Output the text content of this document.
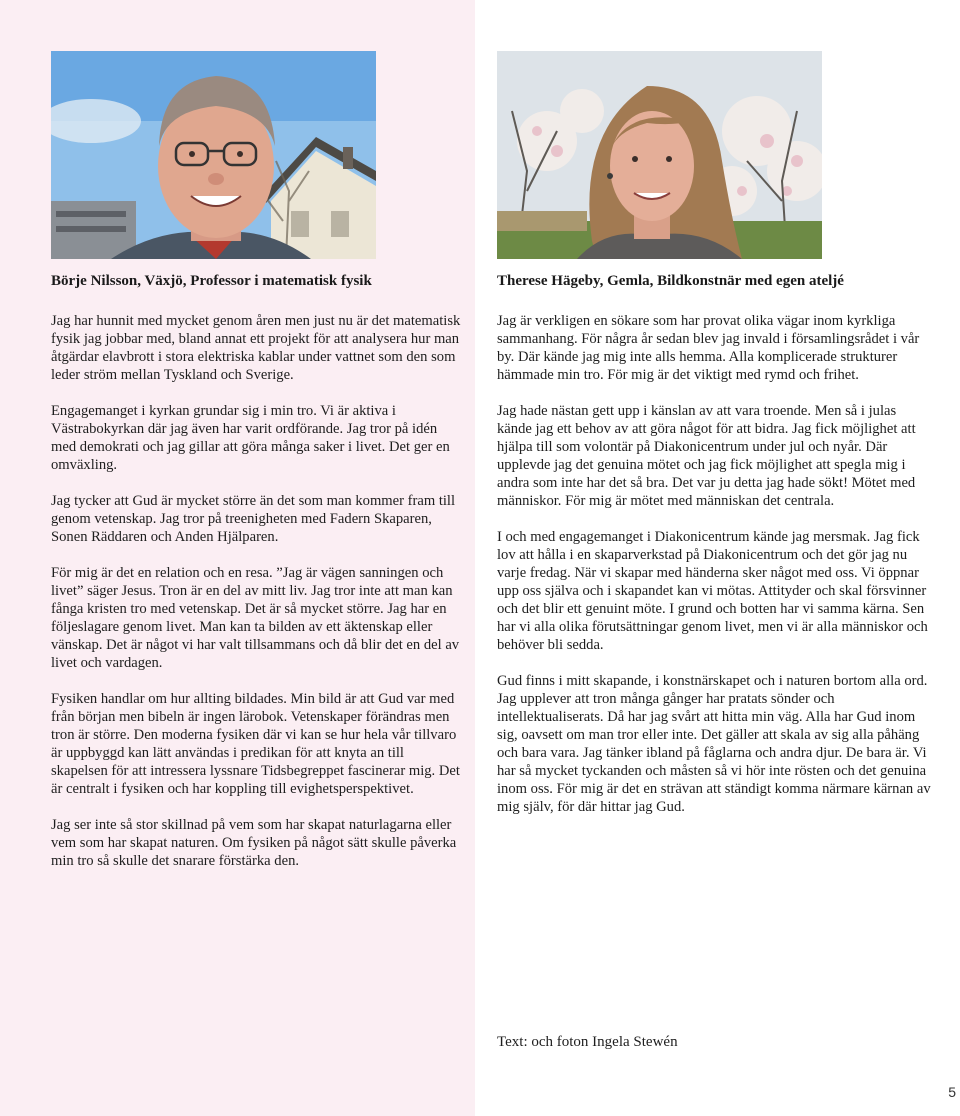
Börje Nilsson, Växjö, Professor i matematisk fysik

Jag har hunnit med mycket genom åren men just nu är det matematisk fysik jag jobbar med, bland annat ett projekt för att analysera hur man åtgärdar elavbrott i stora elektriska kablar under vattnet som den som leder ström mellan Tyskland och Sverige.

Engagemanget i kyrkan grundar sig i min tro. Vi är aktiva i Västrabokyrkan där jag även har varit ordförande. Jag tror på idén med demokrati och jag gillar att göra många saker i livet. Det ger en omväxling.

Jag tycker att Gud är mycket större än det som man kommer fram till genom vetenskap. Jag tror på treenigheten med Fadern Skaparen, Sonen Räddaren och Anden Hjälparen.

För mig är det en relation och en resa. ”Jag är vägen sanningen och livet” säger Jesus. Tron är en del av mitt liv. Jag tror inte att man kan fånga kristen tro med vetenskap. Det är så mycket större. Jag har en följeslagare genom livet. Man kan ta bilden av ett äktenskap eller vänskap. Det är något vi har valt tillsammans och då blir det en del av livet och vardagen.

Fysiken handlar om hur allting bildades. Min bild är att Gud var med från början men bibeln är ingen lärobok. Vetenskaper förändras men tron är större. Den moderna fysiken där vi kan se hur hela vår tillvaro är uppbyggd kan lätt användas i predikan för att knyta an till skapelsen för att intressera lyssnare Tidsbegreppet fascinerar mig. Det är centralt i fysiken och har koppling till evighetsperspektivet.

Jag ser inte så stor skillnad på vem som har skapat naturlagarna eller vem som har skapat naturen. Om fysiken på något sätt skulle påverka min tro så skulle det snarare förstärka den.

Therese Hägeby, Gemla, Bildkonstnär med egen ateljé

Jag är verkligen en sökare som har provat olika vägar inom kyrkliga sammanhang. För några år sedan blev jag invald i församlingsrådet i vår by. Där kände jag mig inte alls hemma. Alla komplicerade strukturer hämmade min tro. För mig är det viktigt med rymd och frihet.

Jag hade nästan gett upp i känslan av att vara troende. Men så i julas kände jag ett behov av att göra något för att bidra. Jag fick möjlighet att hjälpa till som volontär på Diakonicentrum under jul och nyår. Där upplevde jag det genuina mötet och jag fick möjlighet att spegla mig i andra som inte har det så bra. Det var ju detta jag hade sökt! Mötet med människor. För mig är mötet med människan det centrala.

I och med engagemanget i Diakonicentrum kände jag mersmak. Jag fick lov att hålla i en skaparverkstad på Diakonicentrum och det gör jag nu varje fredag. När vi skapar med händerna sker något med oss. Vi öppnar upp oss själva och i skapandet kan vi mötas. Attityder och skal försvinner och det blir ett genuint möte. I grund och botten har vi samma kärna. Sen har vi alla olika förutsättningar genom livet, men vi är alla människor och behöver bli sedda.

Gud finns i mitt skapande, i konstnärskapet och i naturen bortom alla ord. Jag upplever att tron många gånger har pratats sönder och intellektualiserats. Då har jag svårt att hitta min väg. Alla har Gud inom sig, oavsett om man tror eller inte. Det gäller att skala av sig alla påhäng och bara vara. Jag tänker ibland på fåglarna och andra djur. De bara är. Vi har så mycket tyckanden och måsten så vi hör inte rösten och det genuina inom oss. För mig är det en strävan att ständigt komma närmare kärnan av mig själv, för där hittar jag Gud.

Text: och foton Ingela Stewén
5
